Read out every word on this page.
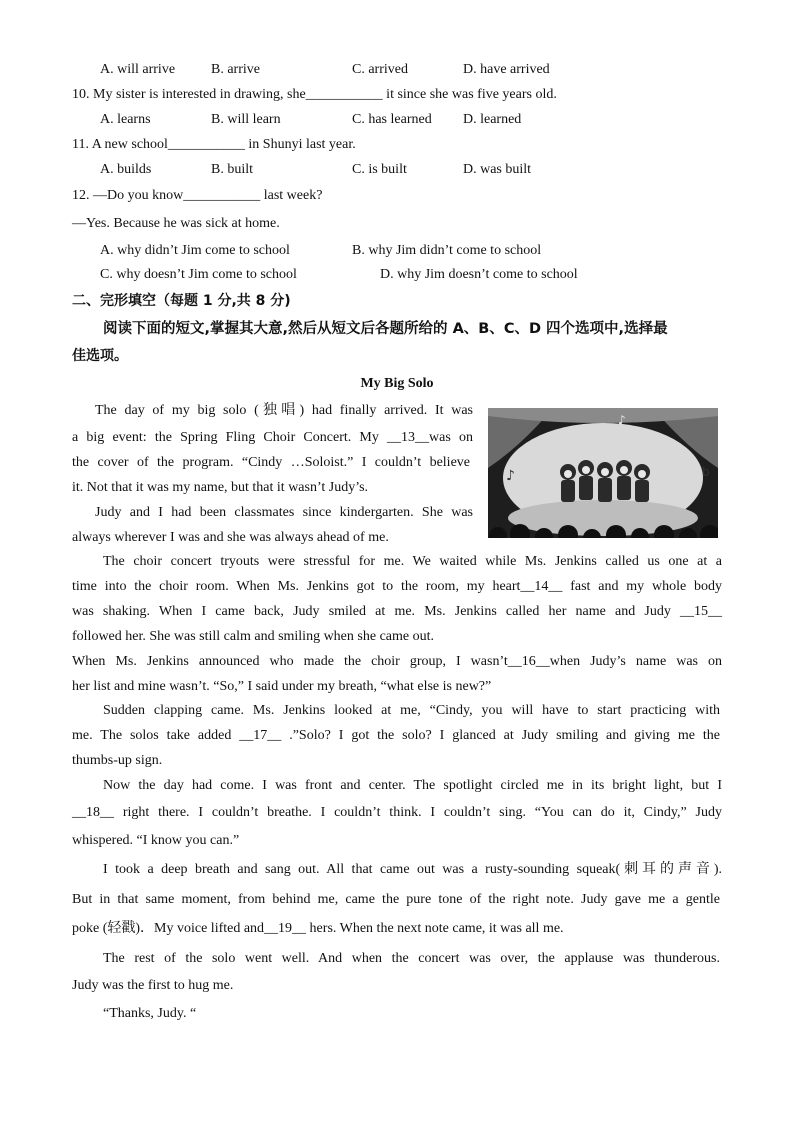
A. will arrive	B. arrive	C. arrived	D. have arrived
10. My sister is interested in drawing, she___________ it since she was five years old.
A. learns	B. will learn	C. has learned D. learned
11. A new school___________ in Shunyi last year.
A. builds	B. built	C. is built	D. was built
12. —Do you know___________ last week?
—Yes. Because he was sick at home.
A. why didn’t Jim come to school	B. why Jim didn’t come to school
C. why doesn’t Jim come to school	D. why Jim doesn’t come to school
二、完形填空（每题 1 分,共 8 分)
阅读下面的短文,掌握其大意,然后从短文后各题所给的 A、B、C、D 四个选项中,选择最
佳选项。
My Big Solo
♪
♪	b
The day of my big solo (独唱) had finally arrived. It was
a big event: the Spring Fling Choir Concert. My __13__was on
the cover of the program. “Cindy …Soloist.” I couldn’t believe
it. Not that it was my name, but that it wasn’t Judy’s.
Judy and I had been classmates since kindergarten. She was
always wherever I was and she was always ahead of me.
The choir concert tryouts were stressful for me. We waited while Ms. Jenkins called us one at a
time into the choir room. When Ms. Jenkins got to the room, my heart__14__ fast and my whole body
was shaking. When I came back, Judy smiled at me. Ms. Jenkins called her name and Judy __15__
followed her. She was still calm and smiling when she came out.
When Ms. Jenkins announced who made the choir group, I wasn’t__16__when Judy’s name was on
her list and mine wasn’t. “So,” I said under my breath, “what else is new?”
Sudden clapping came. Ms. Jenkins looked at me, “Cindy, you will have to start practicing with
me. The solos take added __17__ .”Solo? I got the solo? I glanced at Judy smiling and giving me the
thumbs-up sign.
Now the day had come. I was front and center. The spotlight circled me in its bright light, but I
__18__ right there. I couldn’t breathe. I couldn’t think. I couldn’t sing. “You can do it, Cindy,” Judy
whispered. “I know you can.”
I took a deep breath and sang out. All that came out was a rusty-sounding squeak(刺耳的声音).
But in that same moment, from behind me, came the pure tone of the right note. Judy gave me a gentle
poke (轻戳)．My voice lifted and__19__ hers. When the next note came, it was all me.
The rest of the solo went well. And when the concert was over, the applause was thunderous.
Judy was the first to hug me.
“Thanks, Judy. “
